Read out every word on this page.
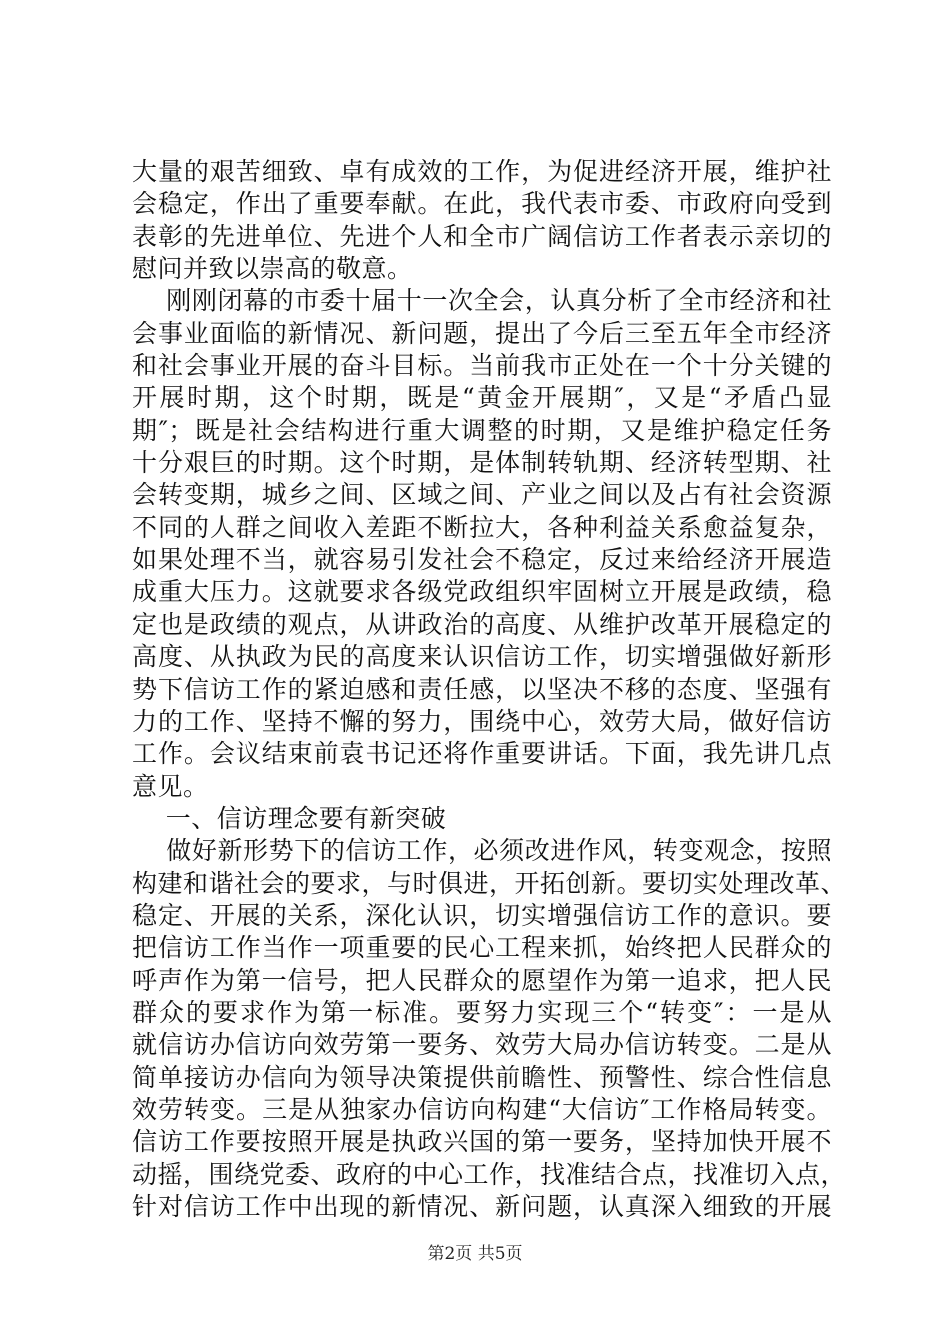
大量的艰苦细致、卓有成效的工作，为促进经济开展，维护社
会稳定，作出了重要奉献。在此，我代表市委、市政府向受到
表彰的先进单位、先进个人和全市广阔信访工作者表示亲切的
慰问并致以崇高的敬意。
刚刚闭幕的市委十届十一次全会，认真分析了全市经济和社
会事业面临的新情况、新问题，提出了今后三至五年全市经济
和社会事业开展的奋斗目标。当前我市正处在一个十分关键的
开展时期，这个时期，既是“黄金开展期″，又是“矛盾凸显
期″；既是社会结构进行重大调整的时期，又是维护稳定任务
十分艰巨的时期。这个时期，是体制转轨期、经济转型期、社
会转变期，城乡之间、区域之间、产业之间以及占有社会资源
不同的人群之间收入差距不断拉大，各种利益关系愈益复杂，
如果处理不当，就容易引发社会不稳定，反过来给经济开展造
成重大压力。这就要求各级党政组织牢固树立开展是政绩，稳
定也是政绩的观点，从讲政治的高度、从维护改革开展稳定的
高度、从执政为民的高度来认识信访工作，切实增强做好新形
势下信访工作的紧迫感和责任感，以坚决不移的态度、坚强有
力的工作、坚持不懈的努力，围绕中心，效劳大局，做好信访
工作。会议结束前袁书记还将作重要讲话。下面，我先讲几点
意见。
一、信访理念要有新突破
做好新形势下的信访工作，必须改进作风，转变观念，按照
构建和谐社会的要求，与时俱进，开拓创新。要切实处理改革、
稳定、开展的关系，深化认识，切实增强信访工作的意识。要
把信访工作当作一项重要的民心工程来抓，始终把人民群众的
呼声作为第一信号，把人民群众的愿望作为第一追求，把人民
群众的要求作为第一标准。要努力实现三个“转变″：一是从
就信访办信访向效劳第一要务、效劳大局办信访转变。二是从
简单接访办信向为领导决策提供前瞻性、预警性、综合性信息
效劳转变。三是从独家办信访向构建“大信访″工作格局转变。
信访工作要按照开展是执政兴国的第一要务，坚持加快开展不
动摇，围绕党委、政府的中心工作，找准结合点，找准切入点，
针对信访工作中出现的新情况、新问题，认真深入细致的开展
第2页 共5页
